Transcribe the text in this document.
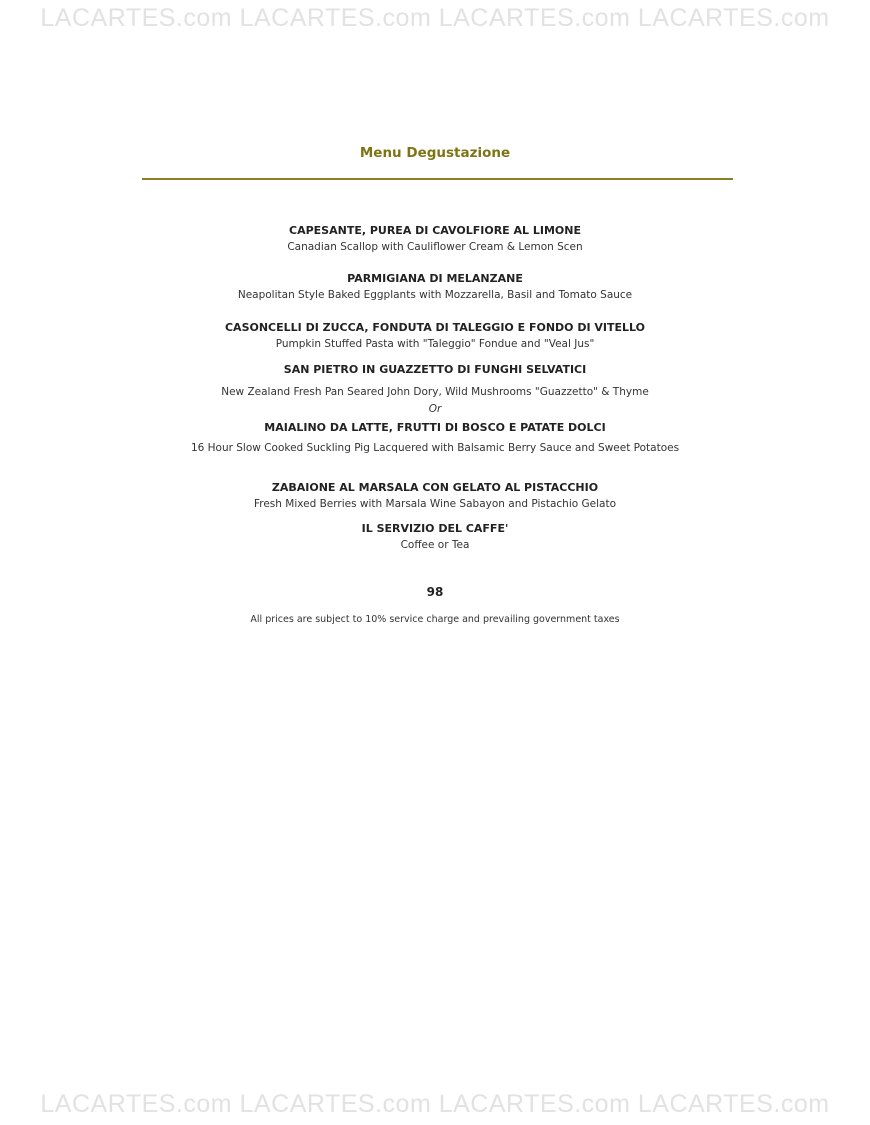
LACARTES.com LACARTES.com LACARTES.com LACARTES.com
Menu Degustazione
CAPESANTE, PUREA DI CAVOLFIORE AL LIMONE
Canadian Scallop with Cauliflower Cream & Lemon Scen
PARMIGIANA DI MELANZANE
Neapolitan Style Baked Eggplants with Mozzarella, Basil and Tomato Sauce
CASONCELLI DI ZUCCA, FONDUTA DI TALEGGIO E FONDO DI VITELLO
Pumpkin Stuffed Pasta with "Taleggio" Fondue and "Veal Jus"
SAN PIETRO IN GUAZZETTO DI FUNGHI SELVATICI
New Zealand Fresh Pan Seared John Dory, Wild Mushrooms "Guazzetto" & Thyme
Or
MAIALINO DA LATTE, FRUTTI DI BOSCO E PATATE DOLCI
16 Hour Slow Cooked Suckling Pig Lacquered with Balsamic Berry Sauce and Sweet Potatoes
ZABAIONE AL MARSALA CON GELATO AL PISTACCHIO
Fresh Mixed Berries with Marsala Wine Sabayon and Pistachio Gelato
IL SERVIZIO DEL CAFFE'
Coffee or Tea
98
All prices are subject to 10% service charge and prevailing government taxes
LACARTES.com LACARTES.com LACARTES.com LACARTES.com
